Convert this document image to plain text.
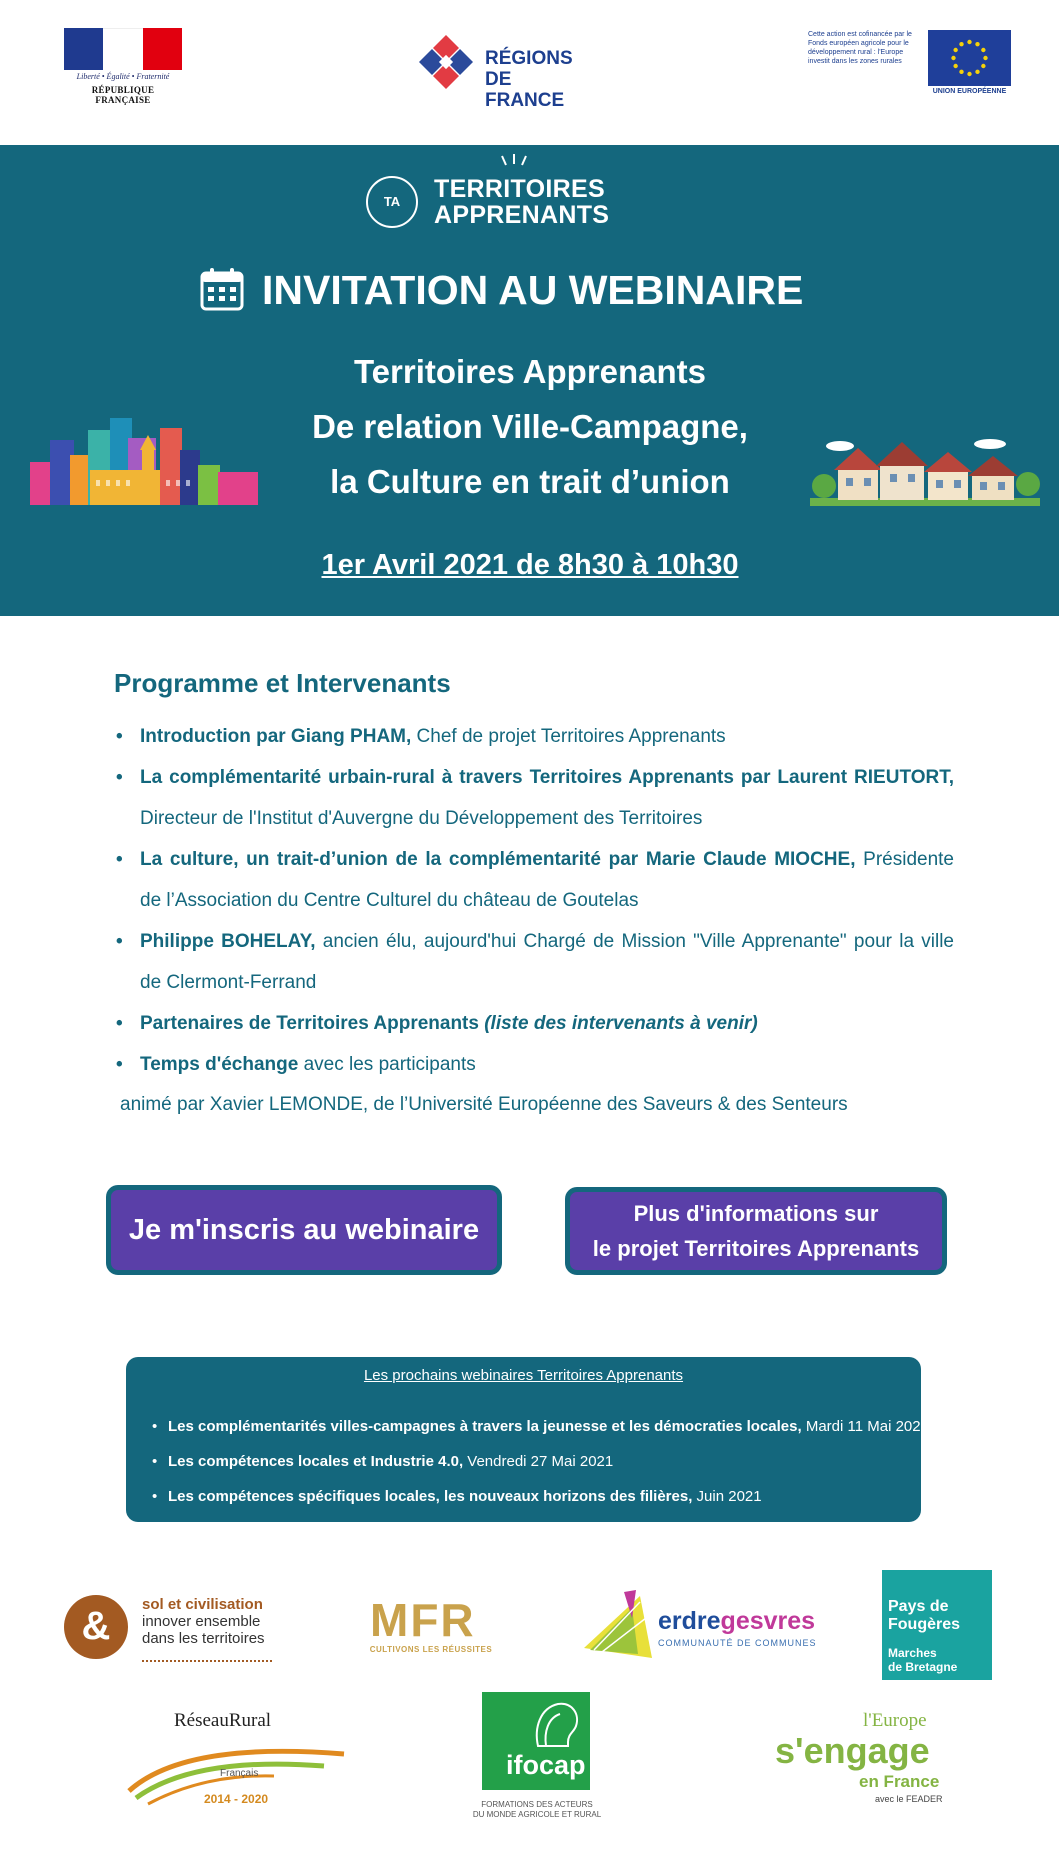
Liberté • Égalité • Fraternité
RÉPUBLIQUE FRANÇAISE
RÉGIONS
DE FRANCE
Cette action est cofinancée par le Fonds européen agricole pour le développement rural : l'Europe investit dans les zones rurales
UNION EUROPÉENNE
TA	TERRITOIRES
APPRENANTS
INVITATION AU WEBINAIRE
Territoires Apprenants
De relation Ville-Campagne,
la Culture en trait d’union
1er Avril 2021 de 8h30 à 10h30
Programme et Intervenants
• Introduction par Giang PHAM, Chef de projet Territoires Apprenants
• La complémentarité urbain-rural à travers Territoires Apprenants par Laurent RIEUTORT, Directeur de l'Institut d'Auvergne du Développement des Territoires
• La culture, un trait-d’union de la complémentarité par Marie Claude MIOCHE, Présidente de l’Association du Centre Culturel du château de Goutelas
• Philippe BOHELAY, ancien élu, aujourd'hui Chargé de Mission "Ville Apprenante" pour la ville de Clermont-Ferrand
• Partenaires de Territoires Apprenants (liste des intervenants à venir)
• Temps d'échange avec les participants
animé par Xavier LEMONDE, de l’Université Européenne des Saveurs & des Senteurs
Je m'inscris au webinaire	Plus d'informations sur
le projet Territoires Apprenants
Les prochains webinaires Territoires Apprenants
• Les complémentarités villes-campagnes à travers la jeunesse et les démocraties locales, Mardi 11 Mai 2021
• Les compétences locales et Industrie 4.0, Vendredi 27 Mai 2021
• Les compétences spécifiques locales, les nouveaux horizons des filières, Juin 2021
&	sol et civilisation
innover ensemble
dans les territoires MFR
CULTIVONS LES RÉUSSITES
erdregesvres
COMMUNAUTÉ DE COMMUNES
Pays de
Fougères
Marches
de Bretagne
RéseauRural
Français
2014 - 2020
ifocap
FORMATIONS DES ACTEURS
DU MONDE AGRICOLE ET RURAL
l'Europe
s'engage
en France
avec le FEADER
